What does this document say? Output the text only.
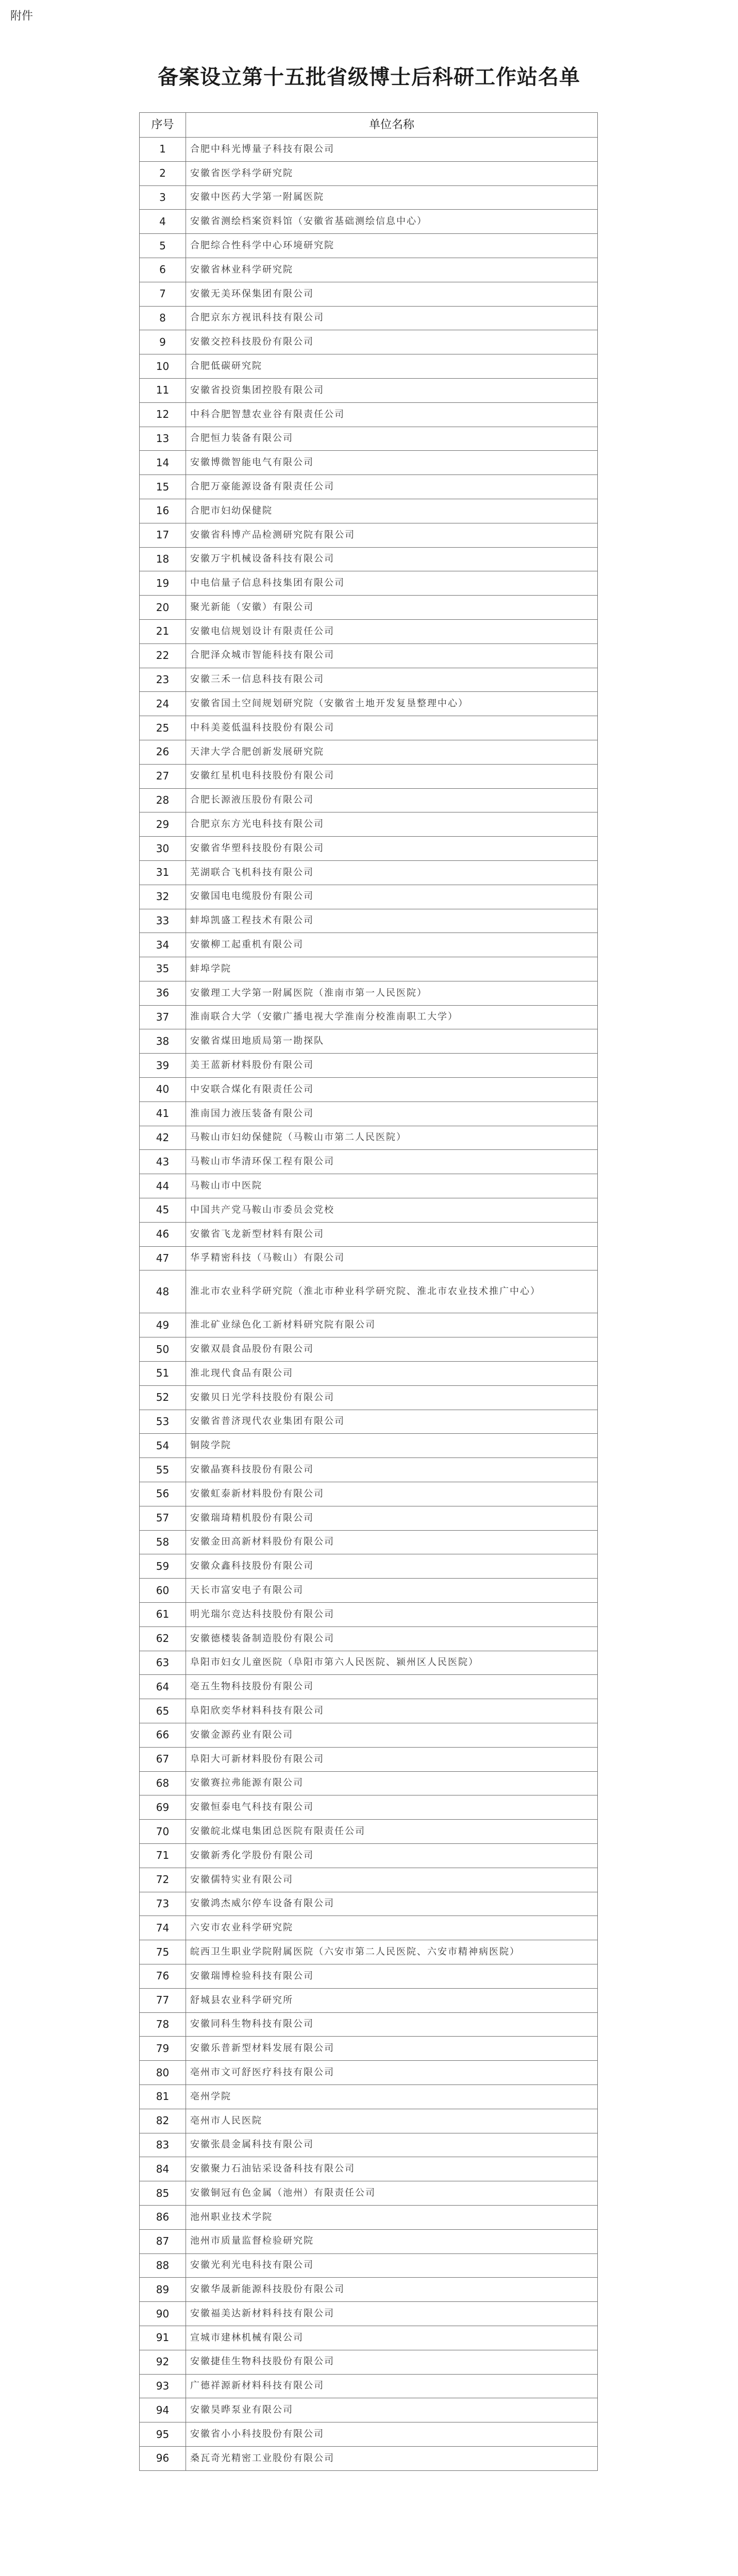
附件
备案设立第十五批省级博士后科研工作站名单
序号	单位名称
1	合肥中科光博量子科技有限公司
2	安徽省医学科学研究院
3	安徽中医药大学第一附属医院
4	安徽省测绘档案资料馆（安徽省基础测绘信息中心）
5	合肥综合性科学中心环境研究院
6	安徽省林业科学研究院
7	安徽无美环保集团有限公司
8	合肥京东方视讯科技有限公司
9	安徽交控科技股份有限公司
10	合肥低碳研究院
11	安徽省投资集团控股有限公司
12	中科合肥智慧农业谷有限责任公司
13	合肥恒力装备有限公司
14	安徽博微智能电气有限公司
15	合肥万豪能源设备有限责任公司
16	合肥市妇幼保健院
17	安徽省科博产品检测研究院有限公司
18	安徽万宇机械设备科技有限公司
19	中电信量子信息科技集团有限公司
20	聚光新能（安徽）有限公司
21	安徽电信规划设计有限责任公司
22	合肥泽众城市智能科技有限公司
23	安徽三禾一信息科技有限公司
24	安徽省国土空间规划研究院（安徽省土地开发复垦整理中心）
25	中科美菱低温科技股份有限公司
26	天津大学合肥创新发展研究院
27	安徽红星机电科技股份有限公司
28	合肥长源液压股份有限公司
29	合肥京东方光电科技有限公司
30	安徽省华塑科技股份有限公司
31	芜湖联合飞机科技有限公司
32	安徽国电电缆股份有限公司
33	蚌埠凯盛工程技术有限公司
34	安徽柳工起重机有限公司
35	蚌埠学院
36	安徽理工大学第一附属医院（淮南市第一人民医院）
37	淮南联合大学（安徽广播电视大学淮南分校淮南职工大学）
38	安徽省煤田地质局第一勘探队
39	美王蓝新材料股份有限公司
40	中安联合煤化有限责任公司
41	淮南国力液压装备有限公司
42	马鞍山市妇幼保健院（马鞍山市第二人民医院）
43	马鞍山市华清环保工程有限公司
44	马鞍山市中医院
45	中国共产党马鞍山市委员会党校
46	安徽省飞龙新型材料有限公司
47	华孚精密科技（马鞍山）有限公司
48	淮北市农业科学研究院（淮北市种业科学研究院、淮北市农业技术推广中心）
49	淮北矿业绿色化工新材料研究院有限公司
50	安徽双晨食品股份有限公司
51	淮北现代食品有限公司
52	安徽贝日光学科技股份有限公司
53	安徽省普济现代农业集团有限公司
54	铜陵学院
55	安徽晶赛科技股份有限公司
56	安徽虹泰新材料股份有限公司
57	安徽瑞琦精机股份有限公司
58	安徽金田高新材料股份有限公司
59	安徽众鑫科技股份有限公司
60	天长市富安电子有限公司
61	明光瑞尔竞达科技股份有限公司
62	安徽德楼装备制造股份有限公司
63	阜阳市妇女儿童医院（阜阳市第六人民医院、颍州区人民医院）
64	亳五生物科技股份有限公司
65	阜阳欣奕华材料科技有限公司
66	安徽金源药业有限公司
67	阜阳大可新材料股份有限公司
68	安徽赛拉弗能源有限公司
69	安徽恒泰电气科技有限公司
70	安徽皖北煤电集团总医院有限责任公司
71	安徽新秀化学股份有限公司
72	安徽儒特实业有限公司
73	安徽鸿杰威尔停车设备有限公司
74	六安市农业科学研究院
75	皖西卫生职业学院附属医院（六安市第二人民医院、六安市精神病医院）
76	安徽瑞博检验科技有限公司
77	舒城县农业科学研究所
78	安徽同科生物科技有限公司
79	安徽乐普新型材料发展有限公司
80	亳州市文可舒医疗科技有限公司
81	亳州学院
82	亳州市人民医院
83	安徽张晨金属科技有限公司
84	安徽聚力石油钻采设备科技有限公司
85	安徽铜冠有色金属（池州）有限责任公司
86	池州职业技术学院
87	池州市质量监督检验研究院
88	安徽光利光电科技有限公司
89	安徽华晟新能源科技股份有限公司
90	安徽福美达新材料科技有限公司
91	宣城市建林机械有限公司
92	安徽捷佳生物科技股份有限公司
93	广德祥源新材料科技有限公司
94	安徽昊晔泵业有限公司
95	安徽省小小科技股份有限公司
96	桑瓦奇光精密工业股份有限公司
